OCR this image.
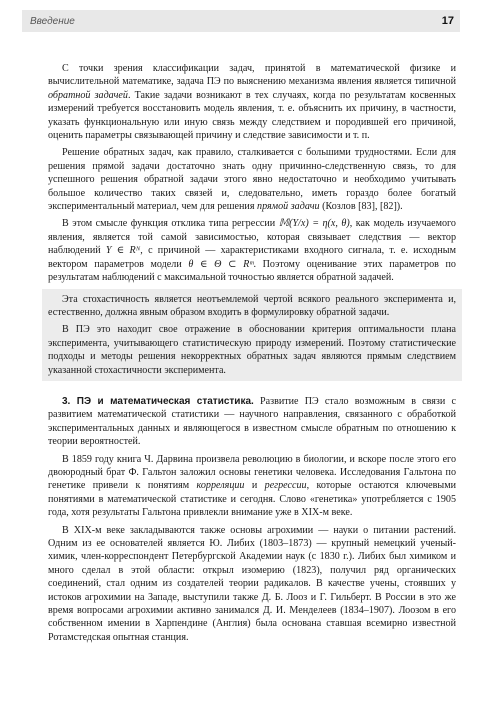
Введение	17

С точки зрения классификации задач, принятой в математической физике и вычислительной математике, задача ПЭ по выяснению механизма явления является типичной обратной задачей. Такие задачи возникают в тех случаях, когда по результатам косвенных измерений требуется восстановить модель явления, т. е. объяснить их причину, в частности, указать функциональную или иную связь между следствием и породившей его причиной, оценить параметры связывающей причину и следствие зависимости и т. п.

Решение обратных задач, как правило, сталкивается с большими трудностями. Если для решения прямой задачи достаточно знать одну причинно-следственную связь, то для успешного решения обратной задачи этого явно недостаточно и необходимо учитывать большое количество таких связей и, следовательно, иметь гораздо более богатый экспериментальный материал, чем для решения прямой задачи (Козлов [83], [82]).

В этом смысле функция отклика типа регрессии 𝕄(Y/x) = η(x, θ), как модель изучаемого явления, является той самой зависимостью, которая связывает следствия — вектор наблюдений Y ∈ Rᴺ, с причиной — характеристиками входного сигнала, т. е. исходным вектором параметров модели θ ∈ Θ ⊂ Rᵐ. Поэтому оценивание этих параметров по результатам наблюдений с максимальной точностью является обратной задачей.

Эта стохастичность является неотъемлемой чертой всякого реального эксперимента и, естественно, должна явным образом входить в формулировку обратной задачи.

В ПЭ это находит свое отражение в обосновании критерия оптимальности плана эксперимента, учитывающего статистическую природу измерений. Поэтому статистические подходы и методы решения некорректных обратных задач являются прямым следствием указанной стохастичности эксперимента.

3. ПЭ и математическая статистика. Развитие ПЭ стало возможным в связи с развитием математической статистики — научного направления, связанного с обработкой экспериментальных данных и являющегося в известном смысле обратным по отношению к теории вероятностей.

В 1859 году книга Ч. Дарвина произвела революцию в биологии, и вскоре после этого его двоюродный брат Ф. Гальтон заложил основы генетики человека. Исследования Гальтона по генетике привели к понятиям корреляции и регрессии, которые остаются ключевыми понятиями в математической статистике и сегодня. Слово «генетика» употребляется с 1905 года, хотя результаты Гальтона привлекли внимание уже в XIX-м веке.

В XIX-м веке закладываются также основы агрохимии — науки о питании растений. Одним из ее основателей является Ю. Либих (1803–1873) — крупный немецкий ученый-химик, член-корреспондент Петербургской Академии наук (с 1830 г.). Либих был химиком и много сделал в этой области: открыл изомерию (1823), получил ряд органических соединений, стал одним из создателей теории радикалов. В качестве учены, стоявших у истоков агрохимии на Западе, выступили также Д. Б. Лооз и Г. Гильберт. В России в это же время вопросами агрохимии активно занимался Д. И. Менделеев (1834–1907). Лоозом в его собственном имении в Харпендине (Англия) была основана ставшая всемирно известной Ротамстедская опытная станция.
